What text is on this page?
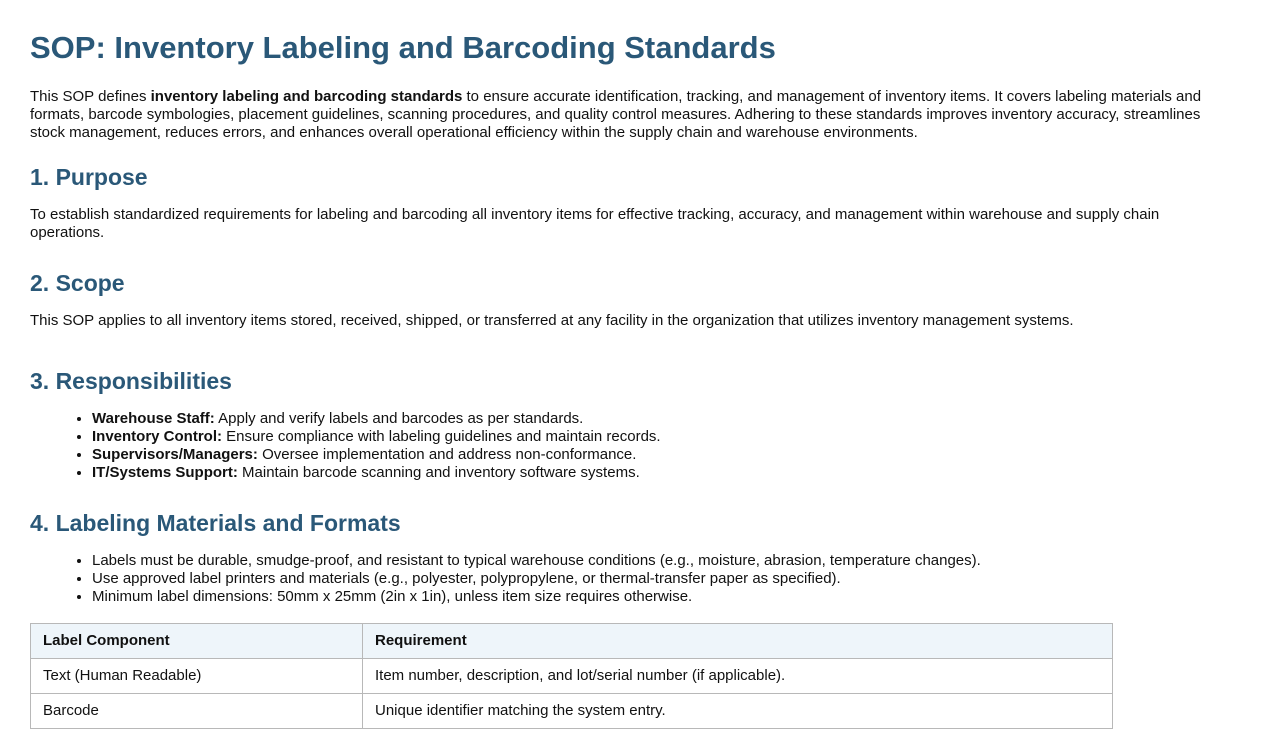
SOP: Inventory Labeling and Barcoding Standards

This SOP defines inventory labeling and barcoding standards to ensure accurate identification, tracking, and management of inventory items. It covers labeling materials and formats, barcode symbologies, placement guidelines, scanning procedures, and quality control measures. Adhering to these standards improves inventory accuracy, streamlines stock management, reduces errors, and enhances overall operational efficiency within the supply chain and warehouse environments.

1. Purpose

To establish standardized requirements for labeling and barcoding all inventory items for effective tracking, accuracy, and management within warehouse and supply chain operations.

2. Scope

This SOP applies to all inventory items stored, received, shipped, or transferred at any facility in the organization that utilizes inventory management systems.

3. Responsibilities
• Warehouse Staff: Apply and verify labels and barcodes as per standards.
• Inventory Control: Ensure compliance with labeling guidelines and maintain records.
• Supervisors/Managers: Oversee implementation and address non-conformance.
• IT/Systems Support: Maintain barcode scanning and inventory software systems.
4. Labeling Materials and Formats
• Labels must be durable, smudge-proof, and resistant to typical warehouse conditions (e.g., moisture, abrasion, temperature changes).
• Use approved label printers and materials (e.g., polyester, polypropylene, or thermal-transfer paper as specified).
• Minimum label dimensions: 50mm x 25mm (2in x 1in), unless item size requires otherwise.
Label Component	Requirement
Text (Human Readable)	Item number, description, and lot/serial number (if applicable).
Barcode	Unique identifier matching the system entry.
